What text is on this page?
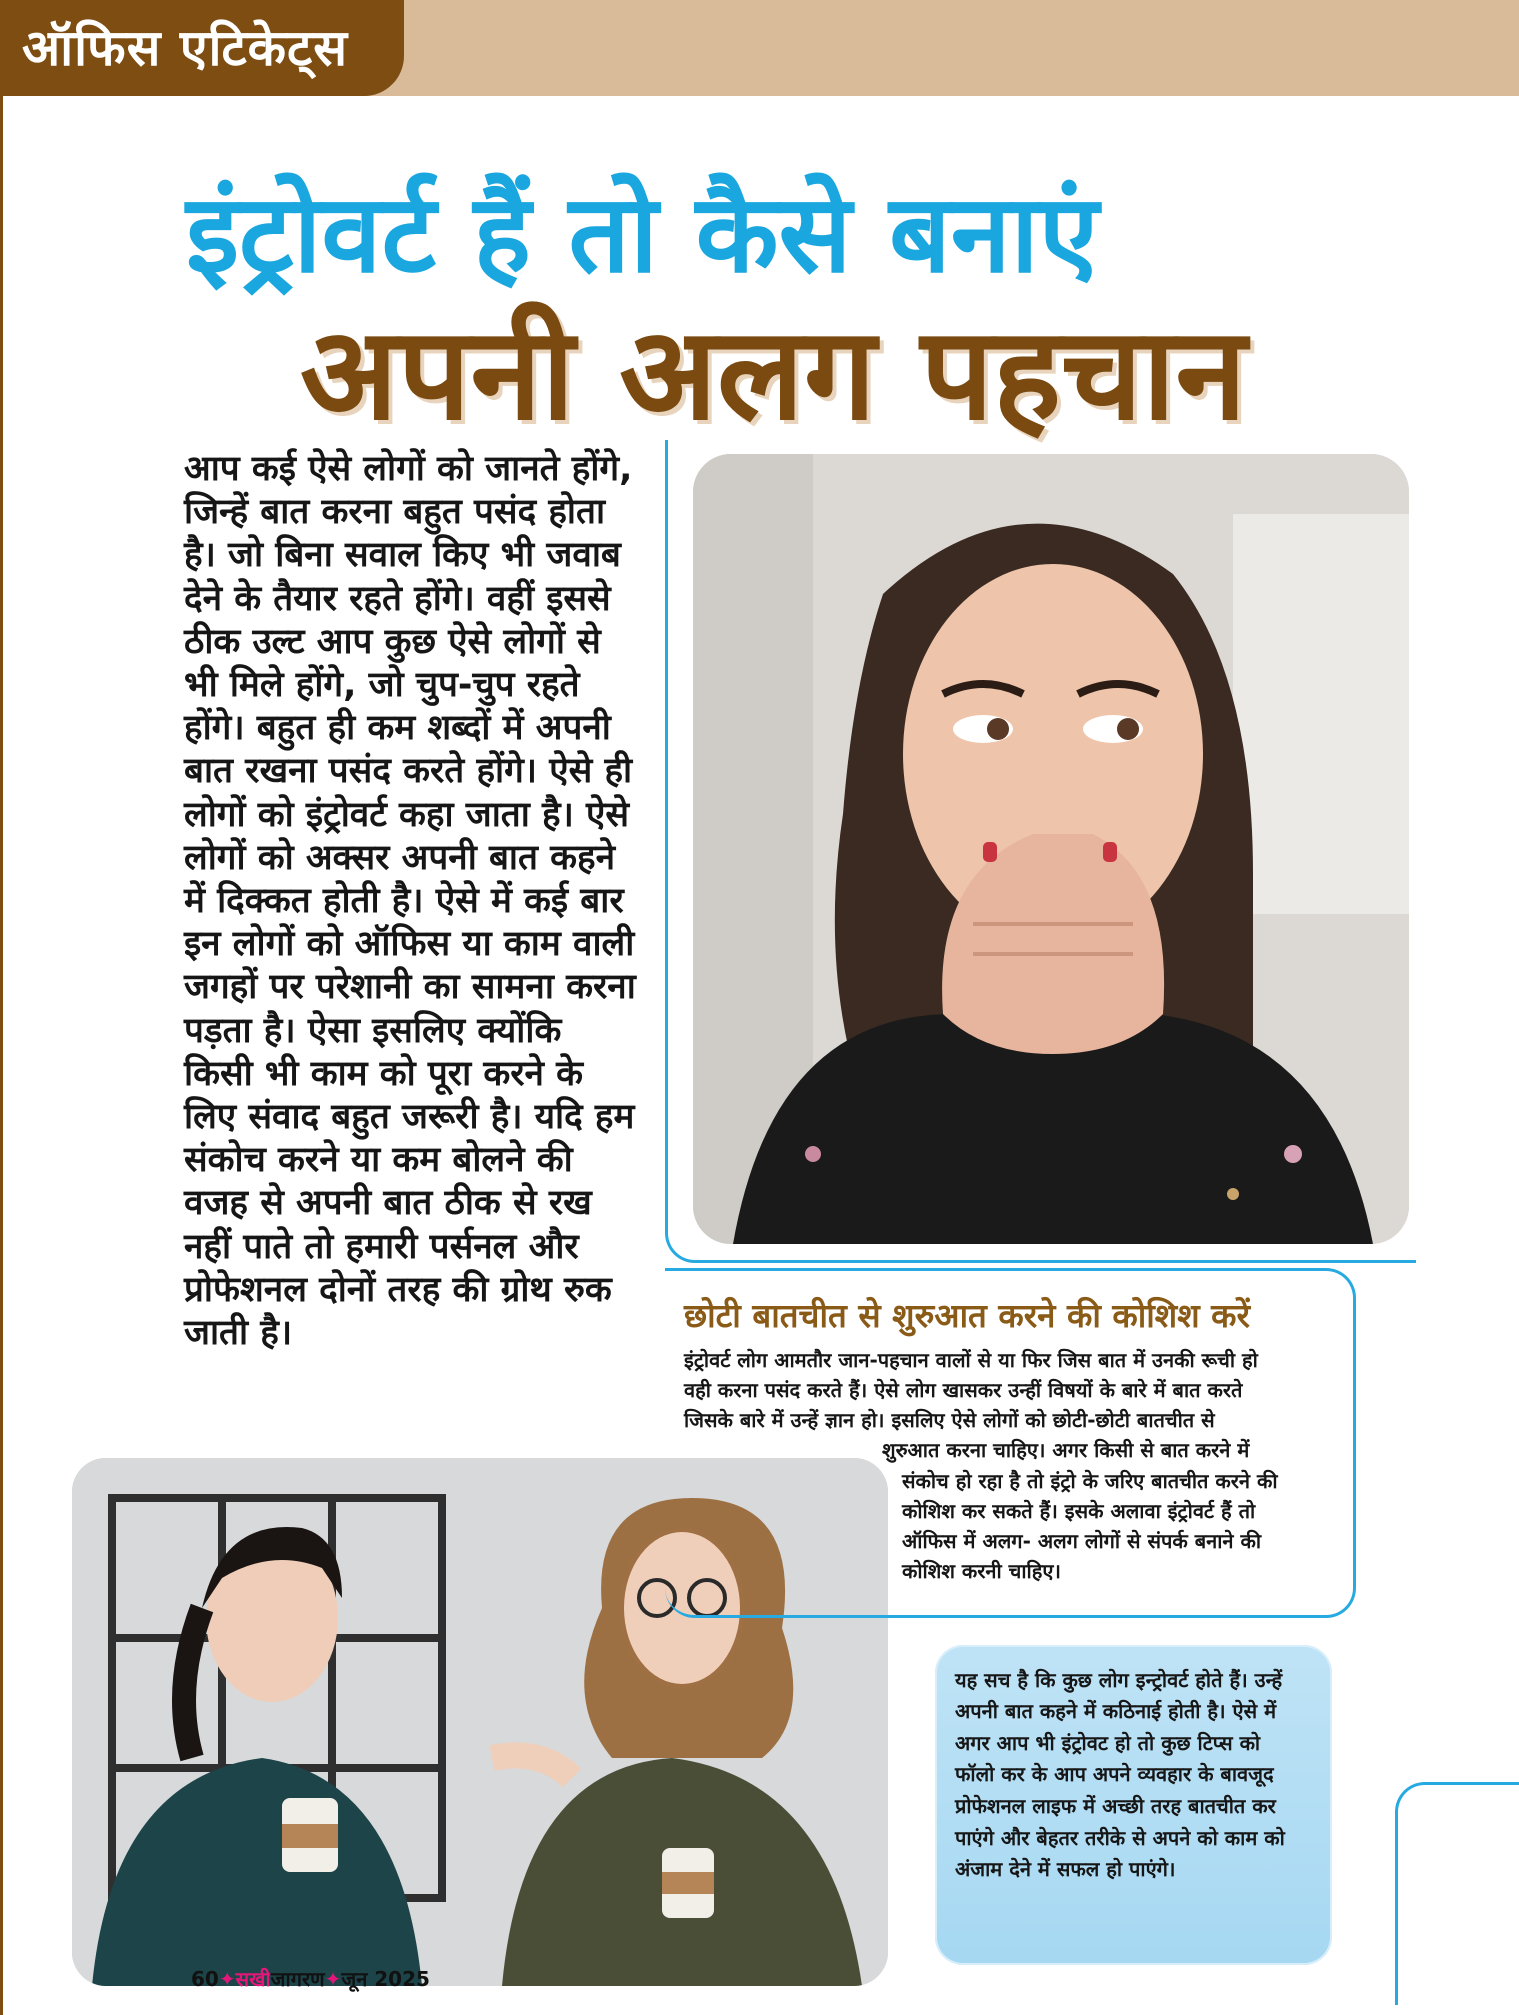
ऑफिस एटिकेट्स
इंट्रोवर्ट हैं तो कैसे बनाएं
अपनी अलग पहचान
आप कई ऐसे लोगों को जानते होंगे, जिन्हें बात करना बहुत पसंद होता है। जो बिना सवाल किए भी जवाब देने के तैयार रहते होंगे। वहीं इससे ठीक उल्ट आप कुछ ऐसे लोगों से भी मिले होंगे, जो चुप-चुप रहते होंगे। बहुत ही कम शब्दों में अपनी बात रखना पसंद करते होंगे। ऐसे ही लोगों को इंट्रोवर्ट कहा जाता है। ऐसे लोगों को अक्सर अपनी बात कहने में दिक्कत होती है। ऐसे में कई बार इन लोगों को ऑफिस या काम वाली जगहों पर परेशानी का सामना करना पड़ता है। ऐसा इसलिए क्योंकि किसी भी काम को पूरा करने के लिए संवाद बहुत जरूरी है। यदि हम संकोच करने या कम बोलने की वजह से अपनी बात ठीक से रख नहीं पाते तो हमारी पर्सनल और प्रोफेशनल दोनों तरह की ग्रोथ रुक जाती है।	छोटी बातचीत से शुरुआत करने की कोशिश करें
इंट्रोवर्ट लोग आमतौर जान-पहचान वालों से या फिर जिस बात में उनकी रूची हो
वही करना पसंद करते हैं। ऐसे लोग खासकर उन्हीं विषयों के बारे में बात करते
जिसके बारे में उन्हें ज्ञान हो। इसलिए ऐसे लोगों को छोटी-छोटी बातचीत से
शुरुआत करना चाहिए। अगर किसी से बात करने में
संकोच हो रहा है तो इंट्रो के जरिए बातचीत करने की
कोशिश कर सकते हैं। इसके अलावा इंट्रोवर्ट हैं तो
ऑफिस में अलग- अलग लोगों से संपर्क बनाने की
कोशिश करनी चाहिए।
यह सच है कि कुछ लोग इन्ट्रोवर्ट होते हैं। उन्हें
अपनी बात कहने में कठिनाई होती है। ऐसे में
अगर आप भी इंट्रोवट हो तो कुछ टिप्स को
फॉलो कर के आप अपने व्यवहार के बावजूद
प्रोफेशनल लाइफ में अच्छी तरह बातचीत कर
पाएंगे और बेहतर तरीके से अपने को काम को
अंजाम देने में सफल हो पाएंगे।
60✦सखीजागरण✦जून 2025
